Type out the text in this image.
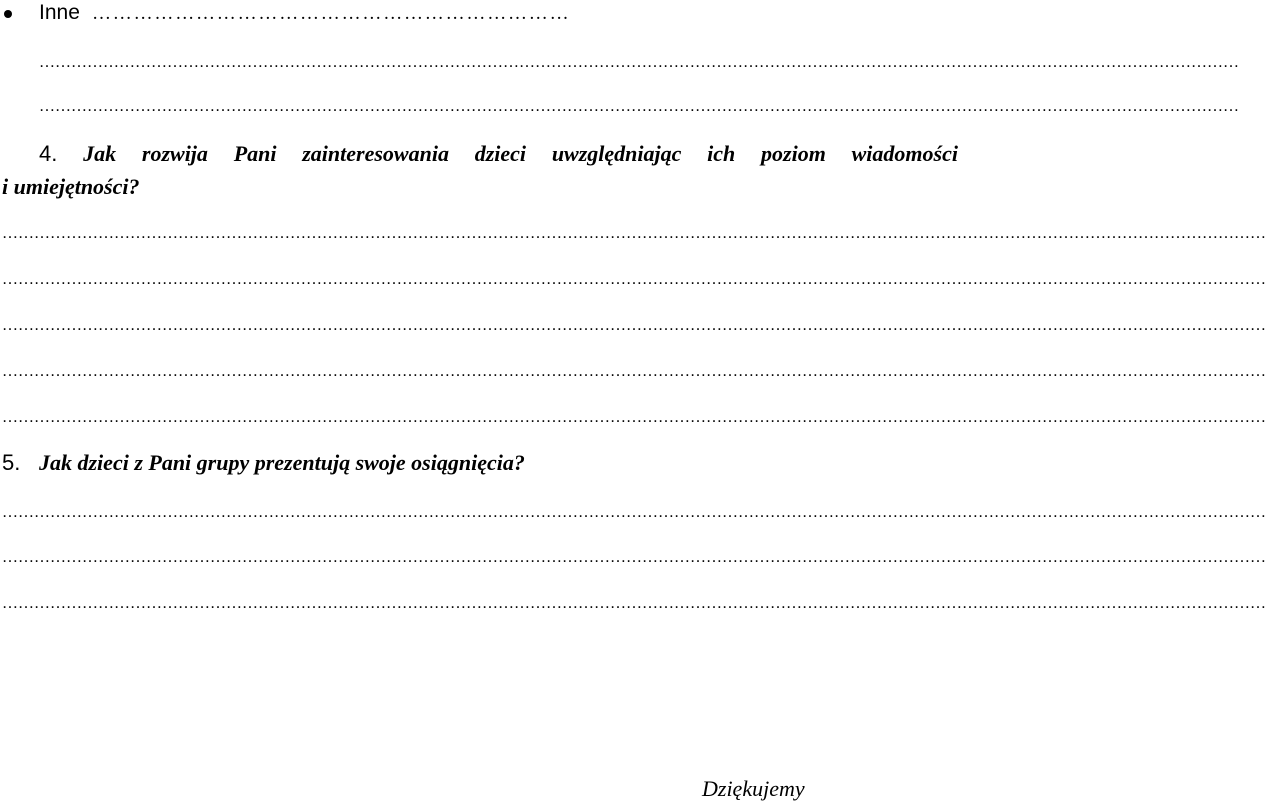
Inne ……………………………………………………………
………………………………………………………………………………………………………………………………………………………………………………………………………
………………………………………………………………………………………………………………………………………………………………………………………………………
4. Jak rozwija Pani zainteresowania dzieci uwzględniając ich poziom wiadomości
i umiejętności?
…………………………………………………………………………………………………………………………………………………………………………………………………………………
…………………………………………………………………………………………………………………………………………………………………………………………………………………
…………………………………………………………………………………………………………………………………………………………………………………………………………………
…………………………………………………………………………………………………………………………………………………………………………………………………………………
…………………………………………………………………………………………………………………………………………………………………………………………………………………
5. Jak dzieci z Pani grupy prezentują swoje osiągnięcia?
…………………………………………………………………………………………………………………………………………………………………………………………………………………
…………………………………………………………………………………………………………………………………………………………………………………………………………………
…………………………………………………………………………………………………………………………………………………………………………………………………………………
Dziękujemy
